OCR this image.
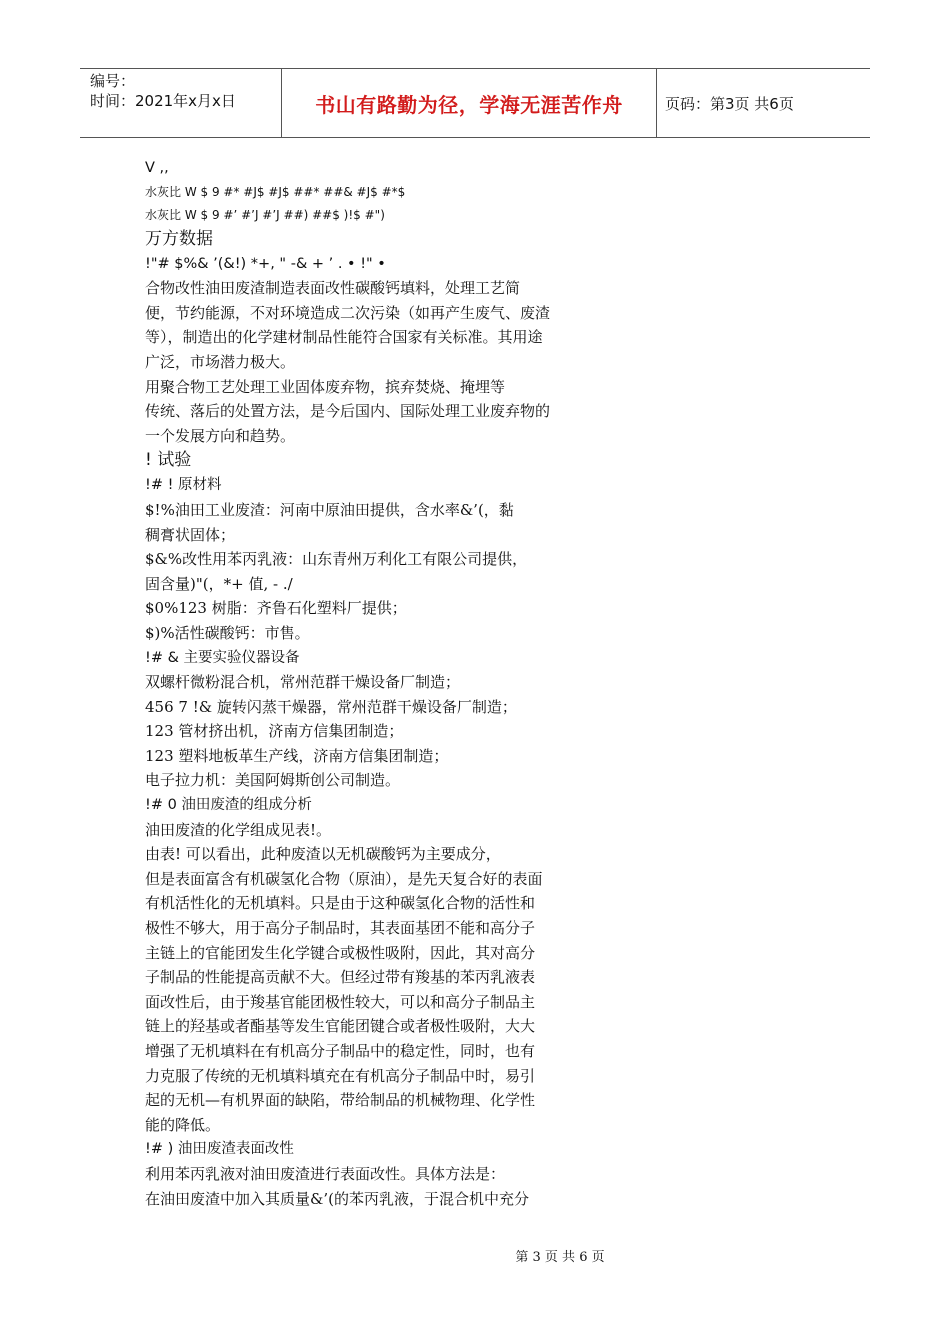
编号：
时间：2021年x月x日	书山有路勤为径，学海无涯苦作舟	页码：第3页 共6页
V ,,
水灰比 W $ 9 #* #J$ #J$ ##* ##& #J$ #*$
水灰比 W $ 9 #’ #’J #’J ##) ##$ )!$ #")
万方数据
!"# $%& ’(&!) *+, " -& + ’ . • !" •
合物改性油田废渣制造表面改性碳酸钙填料，处理工艺简
便，节约能源，不对环境造成二次污染（如再产生废气、废渣
等），制造出的化学建材制品性能符合国家有关标准。其用途
广泛，市场潜力极大。
用聚合物工艺处理工业固体废弃物，摈弃焚烧、掩埋等
传统、落后的处置方法，是今后国内、国际处理工业废弃物的
一个发展方向和趋势。
! 试验
!# ! 原材料
$!%油田工业废渣：河南中原油田提供，含水率&’(，黏
稠膏状固体；
$&%改性用苯丙乳液：山东青州万利化工有限公司提供，
固含量)"(，*+ 值, - ./
$0%123 树脂：齐鲁石化塑料厂提供；
$)%活性碳酸钙：市售。
!# & 主要实验仪器设备
双螺杆微粉混合机，常州范群干燥设备厂制造；
456 7 !& 旋转闪蒸干燥器，常州范群干燥设备厂制造；
123 管材挤出机，济南方信集团制造；
123 塑料地板革生产线，济南方信集团制造；
电子拉力机：美国阿姆斯创公司制造。
!# 0 油田废渣的组成分析
油田废渣的化学组成见表!。
由表! 可以看出，此种废渣以无机碳酸钙为主要成分，
但是表面富含有机碳氢化合物（原油），是先天复合好的表面
有机活性化的无机填料。只是由于这种碳氢化合物的活性和
极性不够大，用于高分子制品时，其表面基团不能和高分子
主链上的官能团发生化学键合或极性吸附，因此，其对高分
子制品的性能提高贡献不大。但经过带有羧基的苯丙乳液表
面改性后，由于羧基官能团极性较大，可以和高分子制品主
链上的羟基或者酯基等发生官能团键合或者极性吸附，大大
增强了无机填料在有机高分子制品中的稳定性，同时，也有
力克服了传统的无机填料填充在有机高分子制品中时，易引
起的无机—有机界面的缺陷，带给制品的机械物理、化学性
能的降低。
!# ) 油田废渣表面改性
利用苯丙乳液对油田废渣进行表面改性。具体方法是：
在油田废渣中加入其质量&’(的苯丙乳液，于混合机中充分
第 3 页 共 6 页
